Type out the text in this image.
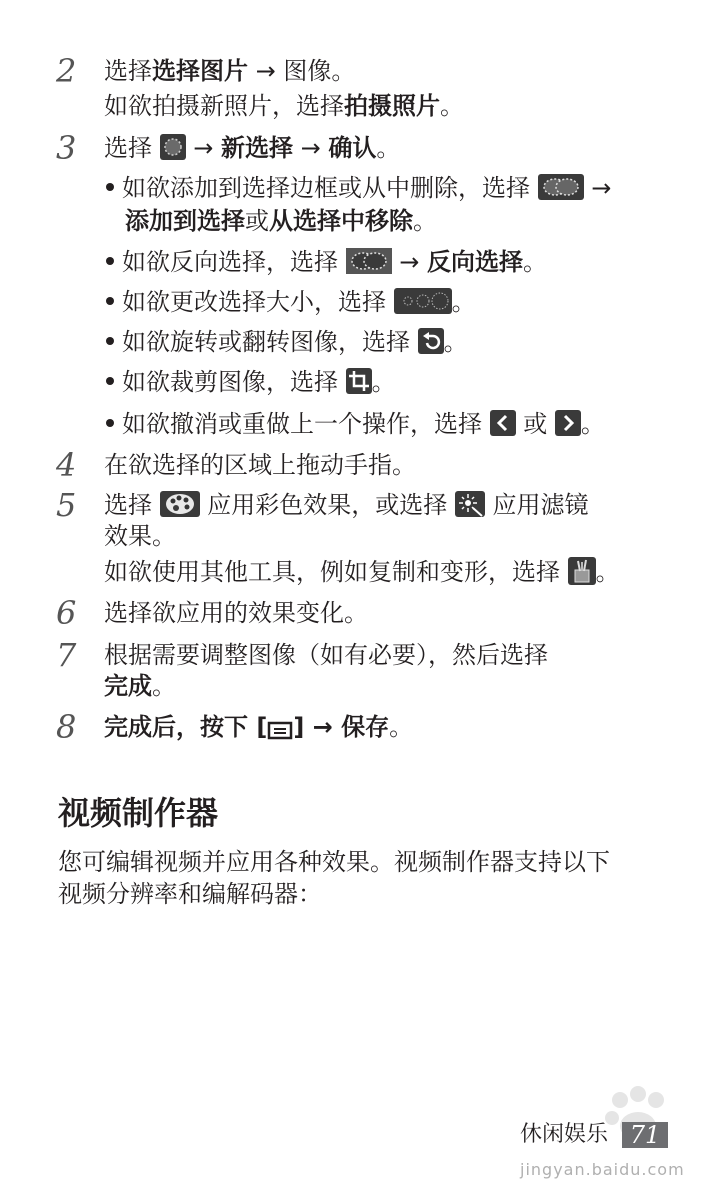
2	选择选择图片 → 图像。
如欲拍摄新照片，选择拍摄照片。
3	选择
→ 新选择 → 确认。
如欲添加到选择边框或从中删除，选择
→
添加到选择或从选择中移除。
如欲反向选择，选择
→ 反向选择。
如欲更改选择大小，选择
。
如欲旋转或翻转图像，选择
。
如欲裁剪图像，选择
。
如欲撤消或重做上一个操作，选择
或
。
4	在欲选择的区域上拖动手指。
5	选择
应用彩色效果，或选择
应用滤镜
效果。
如欲使用其他工具，例如复制和变形，选择
。
6	选择欲应用的效果变化。
7	根据需要调整图像（如有必要），然后选择
完成。
8	完成后，按下 [ ] → 保存。
视频制作器
您可编辑视频并应用各种效果。视频制作器支持以下
视频分辨率和编解码器：
jingyan.baidu.com
休闲娱乐 71
